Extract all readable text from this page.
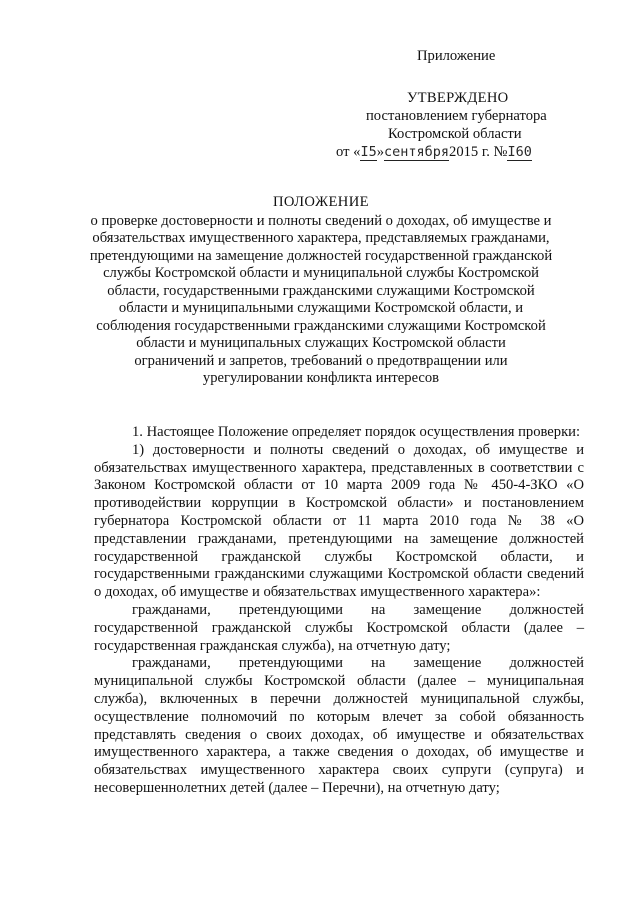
Приложение
УТВЕРЖДЕНО
постановлением губернатора
Костромской области
от «I5»сентября2015 г. №I60
ПОЛОЖЕНИЕ
о проверке достоверности и полноты сведений о доходах, об имуществе и
обязательствах имущественного характера, представляемых гражданами,
претендующими на замещение должностей государственной гражданской
службы Костромской области и муниципальной службы Костромской
области, государственными гражданскими служащими Костромской
области и муниципальными служащими Костромской области, и
соблюдения государственными гражданскими служащими Костромской
области и муниципальных служащих Костромской области
ограничений и запретов, требований о предотвращении или
урегулировании конфликта интересов

1. Настоящее Положение определяет порядок осуществления проверки:

1) достоверности и полноты сведений о доходах, об имуществе и обязательствах имущественного характера, представленных в соответствии с Законом Костромской области от 10 марта 2009 года № 450-4-ЗКО «О противодействии коррупции в Костромской области» и постановлением губернатора Костромской области от 11 марта 2010 года № 38 «О представлении гражданами, претендующими на замещение должностей государственной гражданской службы Костромской области, и государственными гражданскими служащими Костромской области сведений о доходах, об имуществе и обязательствах имущественного характера»:

гражданами, претендующими на замещение должностей государственной гражданской службы Костромской области (далее – государственная гражданская служба), на отчетную дату;

гражданами, претендующими на замещение должностей муниципальной службы Костромской области (далее – муниципальная служба), включенных в перечни должностей муниципальной службы, осуществление полномочий по которым влечет за собой обязанность представлять сведения о своих доходах, об имуществе и обязательствах имущественного характера, а также сведения о доходах, об имуществе и обязательствах имущественного характера своих супруги (супруга) и несовершеннолетних детей (далее – Перечни), на отчетную дату;
